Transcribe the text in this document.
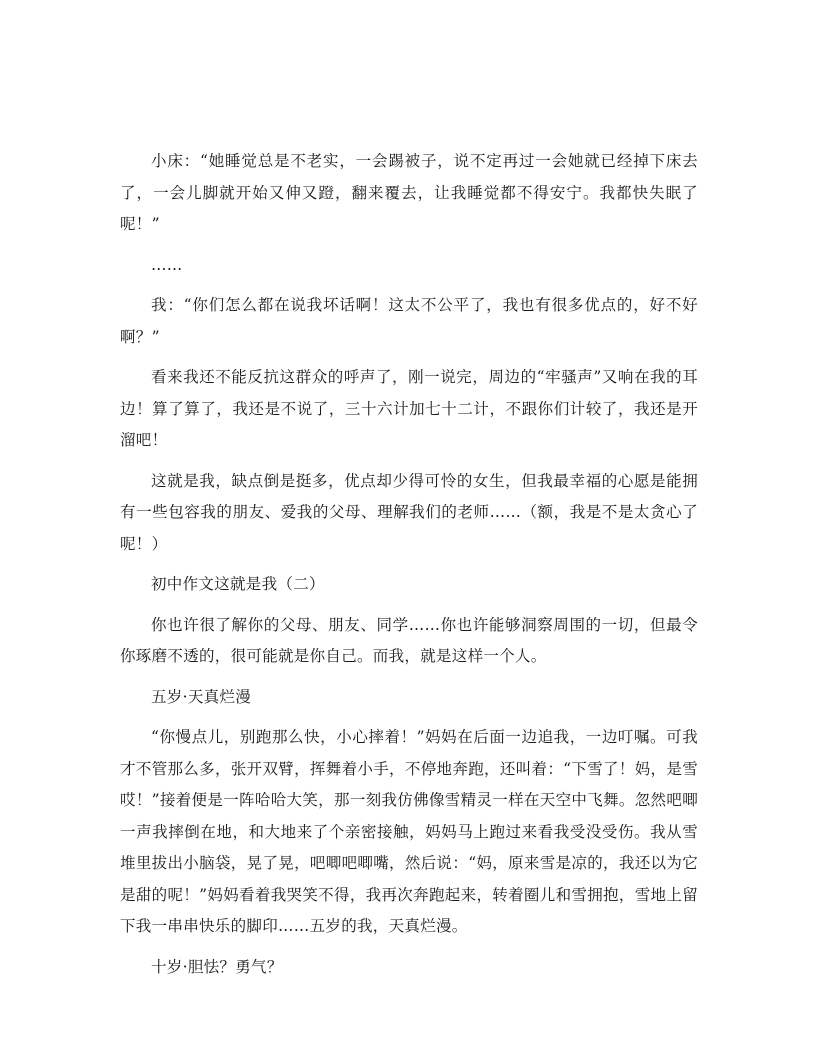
小床：“她睡觉总是不老实，一会踢被子，说不定再过一会她就已经掉下床去了，一会儿脚就开始又伸又蹬，翻来覆去，让我睡觉都不得安宁。我都快失眠了呢！”

……

我：“你们怎么都在说我坏话啊！这太不公平了，我也有很多优点的，好不好啊？”

看来我还不能反抗这群众的呼声了，刚一说完，周边的“牢骚声”又响在我的耳边！算了算了，我还是不说了，三十六计加七十二计，不跟你们计较了，我还是开溜吧！

这就是我，缺点倒是挺多，优点却少得可怜的女生，但我最幸福的心愿是能拥有一些包容我的朋友、爱我的父母、理解我们的老师……（额，我是不是太贪心了呢！）

初中作文这就是我（二）

你也许很了解你的父母、朋友、同学……你也许能够洞察周围的一切，但最令你琢磨不透的，很可能就是你自己。而我，就是这样一个人。

五岁·天真烂漫

“你慢点儿，别跑那么快，小心摔着！”妈妈在后面一边追我，一边叮嘱。可我才不管那么多，张开双臂，挥舞着小手，不停地奔跑，还叫着：“下雪了！妈，是雪哎！”接着便是一阵哈哈大笑，那一刻我仿佛像雪精灵一样在天空中飞舞。忽然吧唧一声我摔倒在地，和大地来了个亲密接触，妈妈马上跑过来看我受没受伤。我从雪堆里拔出小脑袋，晃了晃，吧唧吧唧嘴，然后说：“妈，原来雪是凉的，我还以为它是甜的呢！”妈妈看着我哭笑不得，我再次奔跑起来，转着圈儿和雪拥抱，雪地上留下我一串串快乐的脚印……五岁的我，天真烂漫。

十岁·胆怯？勇气？
